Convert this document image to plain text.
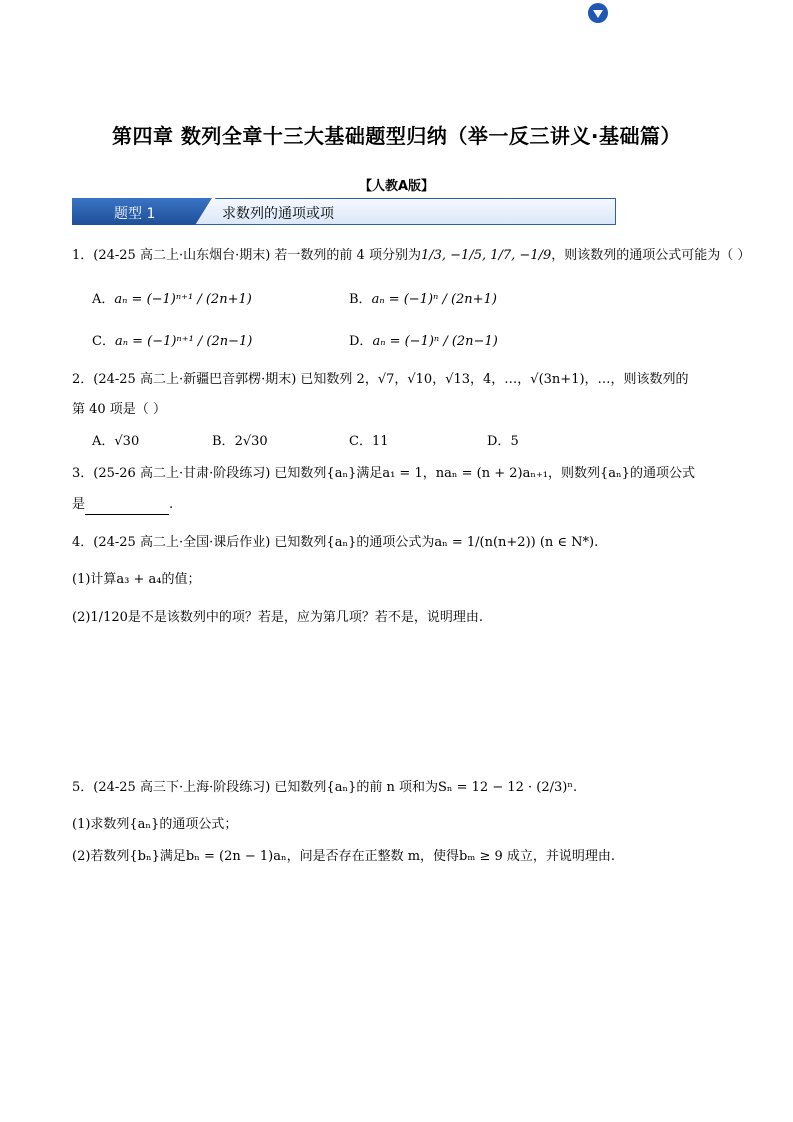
第四章 数列全章十三大基础题型归纳（举一反三讲义·基础篇）
【人教A版】
题型 1	求数列的通项或项
1．(24-25 高二上·山东烟台·期末) 若一数列的前 4 项分别为1/3, −1/5, 1/7, −1/9，则该数列的通项公式可能为（ ）
A．aₙ = (−1)ⁿ⁺¹ / (2n+1)	B．aₙ = (−1)ⁿ / (2n+1)
C．aₙ = (−1)ⁿ⁺¹ / (2n−1)	D．aₙ = (−1)ⁿ / (2n−1)
2．(24-25 高二上·新疆巴音郭楞·期末) 已知数列 2，√7，√10，√13，4，…，√(3n+1)，…，则该数列的
第 40 项是（ ）
A．√30	B．2√30	C．11	D．5
3．(25-26 高二上·甘肃·阶段练习) 已知数列{aₙ}满足a₁ = 1，naₙ = (n + 2)aₙ₊₁，则数列{aₙ}的通项公式
是	.
4．(24-25 高二上·全国·课后作业) 已知数列{aₙ}的通项公式为aₙ = 1/(n(n+2)) (n ∈ N*).
(1)计算a₃ + a₄的值；
(2)1/120是不是该数列中的项？若是，应为第几项？若不是，说明理由.
5．(24-25 高三下·上海·阶段练习) 已知数列{aₙ}的前 n 项和为Sₙ = 12 − 12 · (2/3)ⁿ.
(1)求数列{aₙ}的通项公式；
(2)若数列{bₙ}满足bₙ = (2n − 1)aₙ，问是否存在正整数 m，使得bₘ ≥ 9 成立，并说明理由.
